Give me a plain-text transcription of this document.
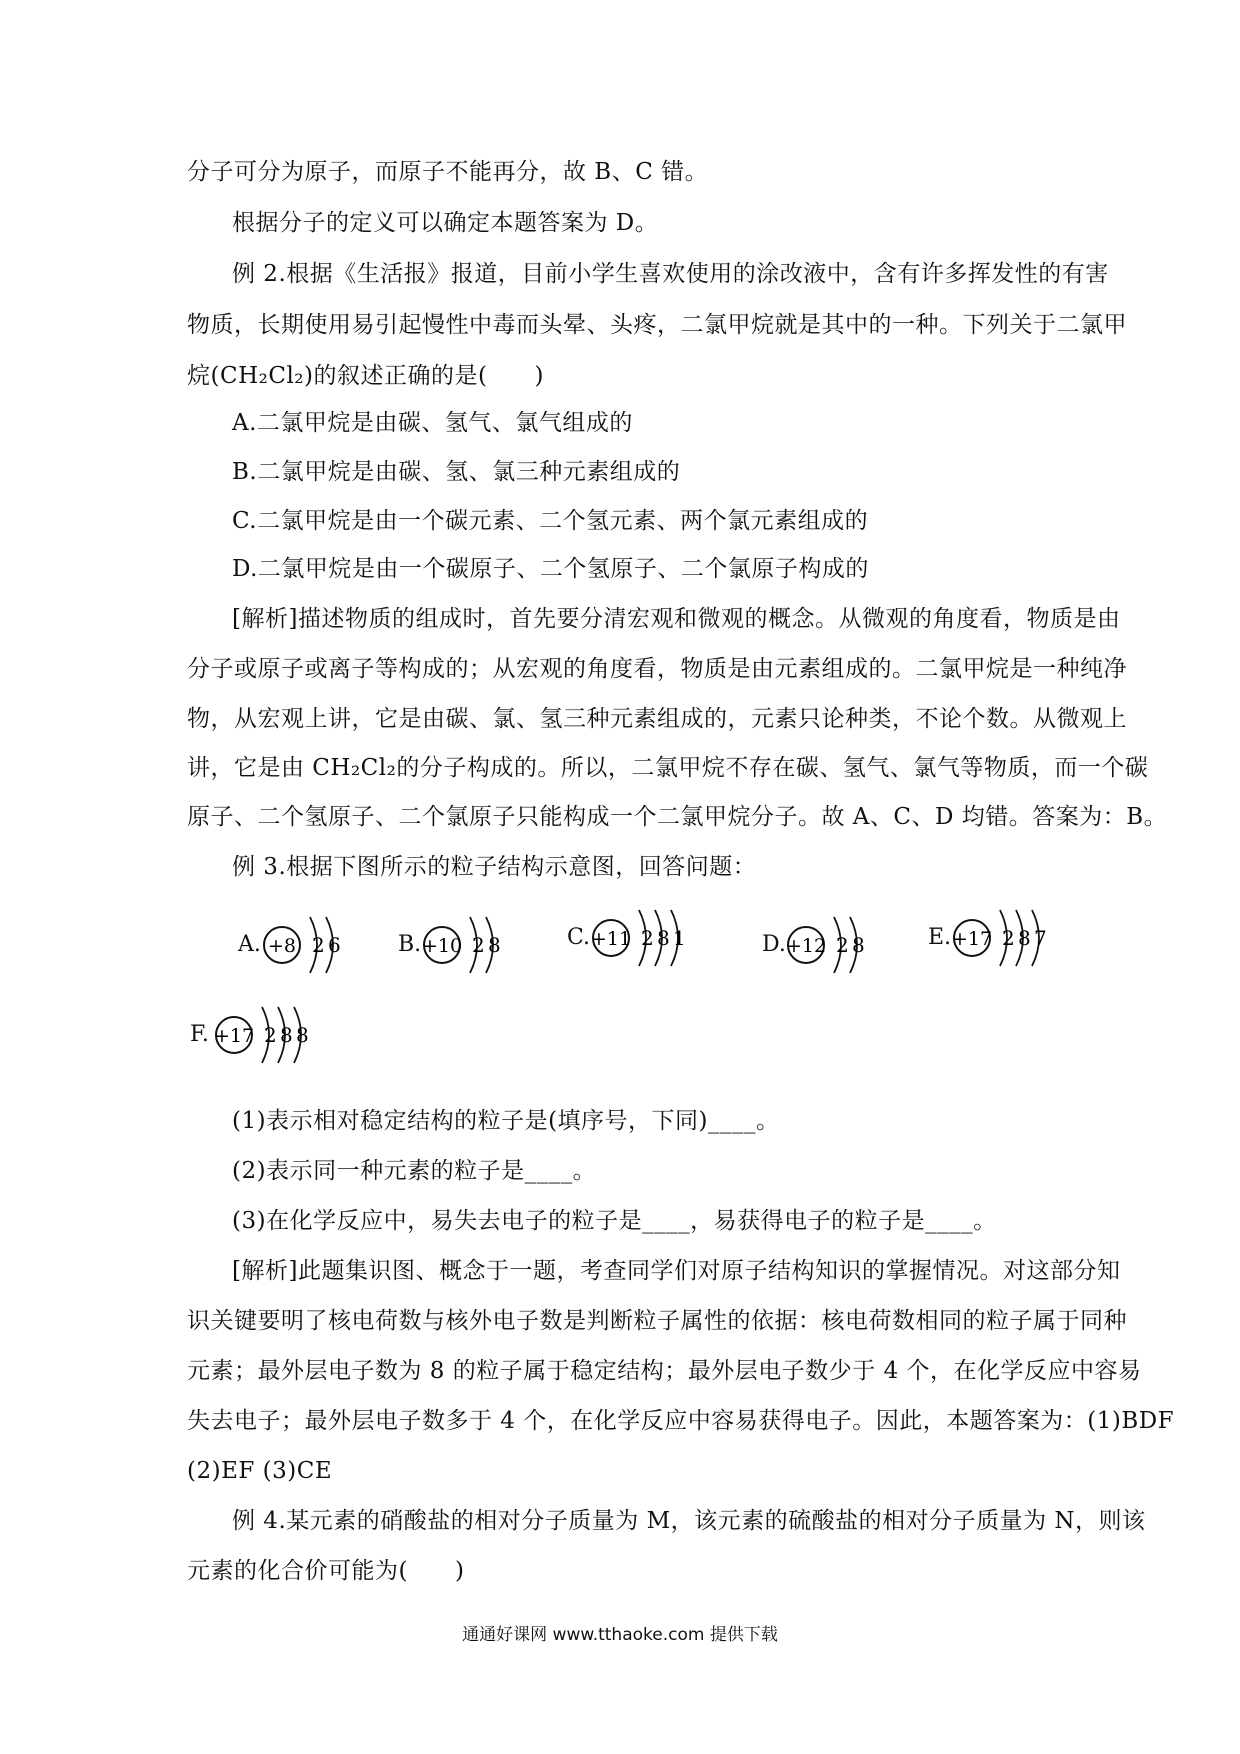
分子可分为原子，而原子不能再分，故 B、C 错。
根据分子的定义可以确定本题答案为 D。
例 2.根据《生活报》报道，目前小学生喜欢使用的涂改液中，含有许多挥发性的有害
物质，长期使用易引起慢性中毒而头晕、头疼，二氯甲烷就是其中的一种。下列关于二氯甲
烷(CH₂Cl₂)的叙述正确的是(　　)
A.二氯甲烷是由碳、氢气、氯气组成的
B.二氯甲烷是由碳、氢、氯三种元素组成的
C.二氯甲烷是由一个碳元素、二个氢元素、两个氯元素组成的
D.二氯甲烷是由一个碳原子、二个氢原子、二个氯原子构成的
[解析]描述物质的组成时，首先要分清宏观和微观的概念。从微观的角度看，物质是由
分子或原子或离子等构成的；从宏观的角度看，物质是由元素组成的。二氯甲烷是一种纯净
物，从宏观上讲，它是由碳、氯、氢三种元素组成的，元素只论种类，不论个数。从微观上
讲，它是由 CH₂Cl₂的分子构成的。所以，二氯甲烷不存在碳、氢气、氯气等物质，而一个碳
原子、二个氢原子、二个氯原子只能构成一个二氯甲烷分子。故 A、C、D 均错。答案为：B。
例 3.根据下图所示的粒子结构示意图，回答问题：
(1)表示相对稳定结构的粒子是(填序号，下同)____。
(2)表示同一种元素的粒子是____。
(3)在化学反应中，易失去电子的粒子是____，易获得电子的粒子是____。
[解析]此题集识图、概念于一题，考查同学们对原子结构知识的掌握情况。对这部分知
识关键要明了核电荷数与核外电子数是判断粒子属性的依据：核电荷数相同的粒子属于同种
元素；最外层电子数为 8 的粒子属于稳定结构；最外层电子数少于 4 个，在化学反应中容易
失去电子；最外层电子数多于 4 个，在化学反应中容易获得电子。因此，本题答案为：(1)BDF
(2)EF (3)CE
例 4.某元素的硝酸盐的相对分子质量为 M，该元素的硫酸盐的相对分子质量为 N，则该
元素的化合价可能为(　　)
A. +8 2 6	B. +10 2 8	C. +11 2 8 1	D. +12 2 8	E. +17 2 8 7
F. +17 2 8 8
通通好课网 www.tthaoke.com 提供下载
